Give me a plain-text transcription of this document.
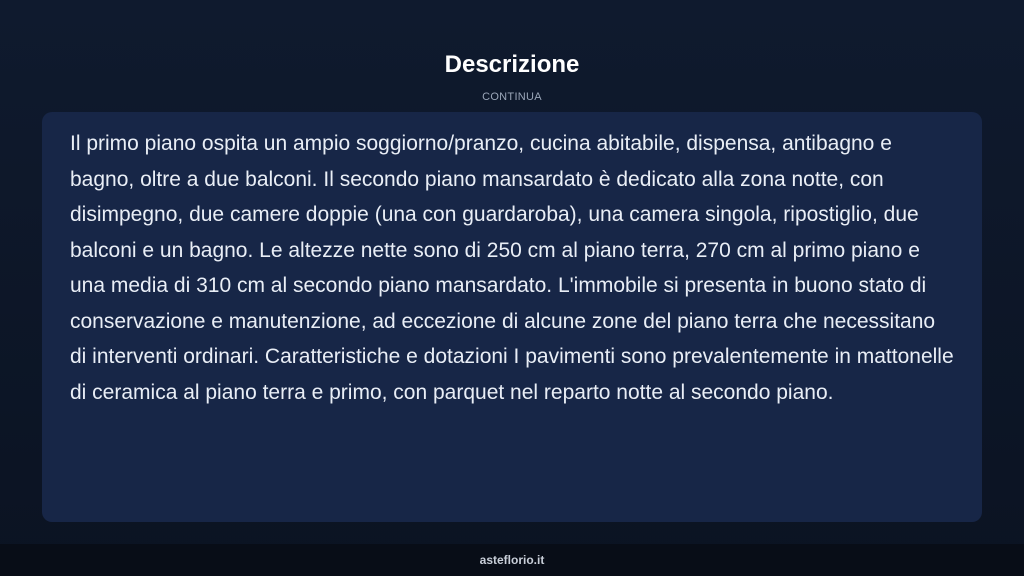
Descrizione
CONTINUA

Il primo piano ospita un ampio soggiorno/pranzo, cucina abitabile, dispensa, antibagno e bagno, oltre a due balconi. Il secondo piano mansardato è dedicato alla zona notte, con disimpegno, due camere doppie (una con guardaroba), una camera singola, ripostiglio, due balconi e un bagno. Le altezze nette sono di 250 cm al piano terra, 270 cm al primo piano e una media di 310 cm al secondo piano mansardato. L'immobile si presenta in buono stato di conservazione e manutenzione, ad eccezione di alcune zone del piano terra che necessitano di interventi ordinari. Caratteristiche e dotazioni I pavimenti sono prevalentemente in mattonelle di ceramica al piano terra e primo, con parquet nel reparto notte al secondo piano.

asteflorio.it
